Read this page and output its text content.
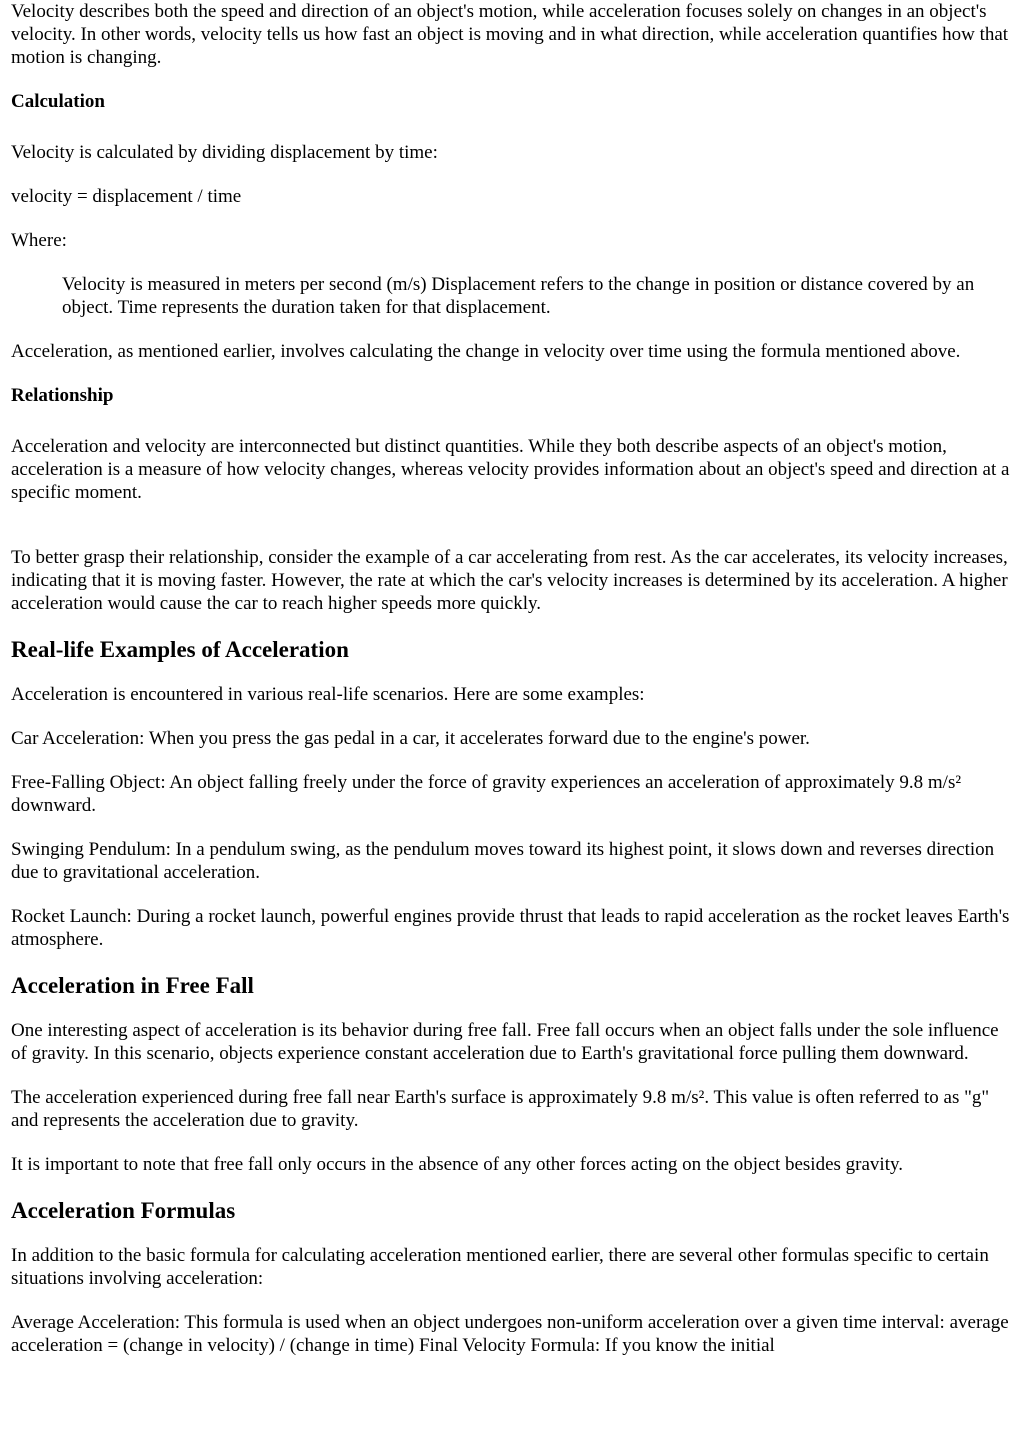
Velocity describes both the speed and direction of an object's motion, while acceleration focuses solely on changes in an object's velocity. In other words, velocity tells us how fast an object is moving and in what direction, while acceleration quantifies how that motion is changing.

Calculation

Velocity is calculated by dividing displacement by time:

velocity = displacement / time

Where:

Velocity is measured in meters per second (m/s) Displacement refers to the change in position or distance covered by an object. Time represents the duration taken for that displacement.

Acceleration, as mentioned earlier, involves calculating the change in velocity over time using the formula mentioned above.

Relationship

Acceleration and velocity are interconnected but distinct quantities. While they both describe aspects of an object's motion, acceleration is a measure of how velocity changes, whereas velocity provides information about an object's speed and direction at a specific moment.

To better grasp their relationship, consider the example of a car accelerating from rest. As the car accelerates, its velocity increases, indicating that it is moving faster. However, the rate at which the car's velocity increases is determined by its acceleration. A higher acceleration would cause the car to reach higher speeds more quickly.

Real-life Examples of Acceleration

Acceleration is encountered in various real-life scenarios. Here are some examples:

Car Acceleration: When you press the gas pedal in a car, it accelerates forward due to the engine's power.

Free-Falling Object: An object falling freely under the force of gravity experiences an acceleration of approximately 9.8 m/s² downward.

Swinging Pendulum: In a pendulum swing, as the pendulum moves toward its highest point, it slows down and reverses direction due to gravitational acceleration.

Rocket Launch: During a rocket launch, powerful engines provide thrust that leads to rapid acceleration as the rocket leaves Earth's atmosphere.

Acceleration in Free Fall

One interesting aspect of acceleration is its behavior during free fall. Free fall occurs when an object falls under the sole influence of gravity. In this scenario, objects experience constant acceleration due to Earth's gravitational force pulling them downward.

The acceleration experienced during free fall near Earth's surface is approximately 9.8 m/s². This value is often referred to as "g" and represents the acceleration due to gravity.

It is important to note that free fall only occurs in the absence of any other forces acting on the object besides gravity.

Acceleration Formulas

In addition to the basic formula for calculating acceleration mentioned earlier, there are several other formulas specific to certain situations involving acceleration:

Average Acceleration: This formula is used when an object undergoes non-uniform acceleration over a given time interval: average acceleration = (change in velocity) / (change in time) Final Velocity Formula: If you know the initial
